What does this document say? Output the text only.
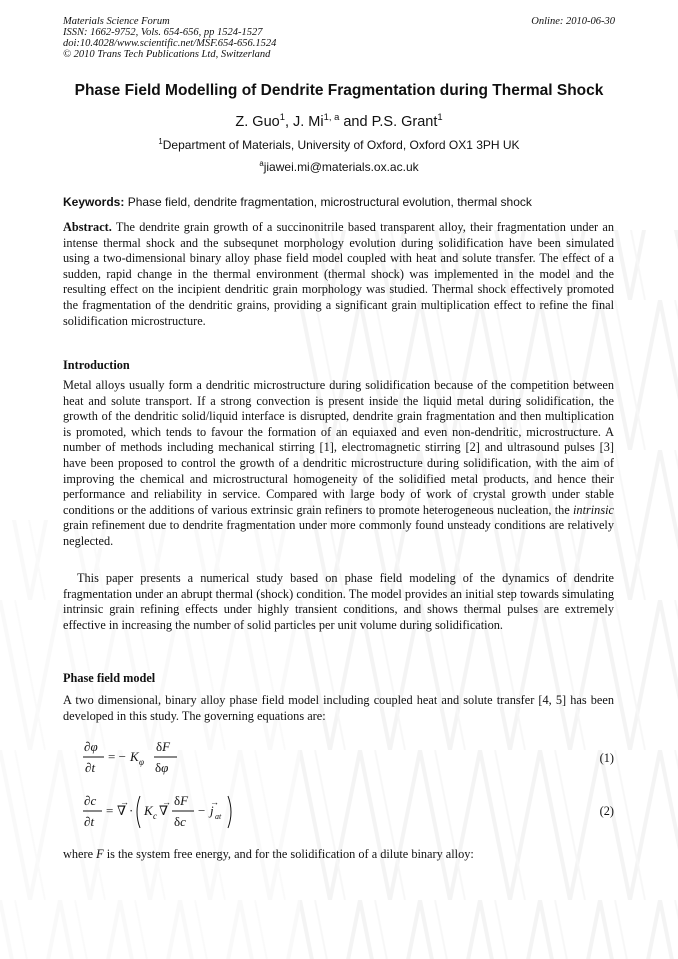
Materials Science Forum
ISSN: 1662-9752, Vols. 654-656, pp 1524-1527
doi:10.4028/www.scientific.net/MSF.654-656.1524
© 2010 Trans Tech Publications Ltd, Switzerland
Online: 2010-06-30
Phase Field Modelling of Dendrite Fragmentation during Thermal Shock
Z. Guo$^1$, J. Mi$^{1, a}$ and P.S. Grant$^1$
$^1$Department of Materials, University of Oxford, Oxford OX1 3PH UK
$^a$jiawei.mi@materials.ox.ac.uk
Keywords: Phase field, dendrite fragmentation, microstructural evolution, thermal shock
Abstract. The dendrite grain growth of a succinonitrile based transparent alloy, their fragmentation under an intense thermal shock and the subsequnet morphology evolution during solidification have been simulated using a two-dimensional binary alloy phase field model coupled with heat and solute transfer. The effect of a sudden, rapid change in the thermal environment (thermal shock) was implemented in the model and the resulting effect on the incipient dendritic grain morphology was studied. Thermal shock effectively promoted the fragmentation of the dendritic grains, providing a significant grain multiplication effect to refine the final solidification microstructure.
Introduction
Metal alloys usually form a dendritic microstructure during solidification because of the competition between heat and solute transport. If a strong convection is present inside the liquid metal during solidification, the growth of the dendritic solid/liquid interface is disrupted, dendrite grain fragmentation and then multiplication is promoted, which tends to favour the formation of an equiaxed and even non-dendritic, microstructure. A number of methods including mechanical stirring [1], electromagnetic stirring [2] and ultrasound pulses [3] have been proposed to control the growth of a dendritic microstructure during solidification, with the aim of improving the chemical and microstructural homogeneity of the solidified metal products, and hence their performance and reliability in service. Compared with large body of work of crystal growth under stable conditions or the additions of various extrinsic grain refiners to promote heterogeneous nucleation, the intrinsic grain refinement due to dendrite fragmentation under more commonly found unsteady conditions are relatively neglected.
This paper presents a numerical study based on phase field modeling of the dynamics of dendrite fragmentation under an abrupt thermal (shock) condition. The model provides an initial step towards simulating intrinsic grain refining effects under highly transient conditions, and shows thermal pulses are extremely effective in increasing the number of solid particles per unit volume during solidification.
Phase field model
A two dimensional, binary alloy phase field model including coupled heat and solute transfer [4, 5] has been developed in this study. The governing equations are:
∂φ
∂t
= − K φ
δF
δφ
(1)
∂c
∂t
= ∇
→
· K c ∇
→ δF
δc
− j
→
at	(2)
where F is the system free energy, and for the solidification of a dilute binary alloy:
